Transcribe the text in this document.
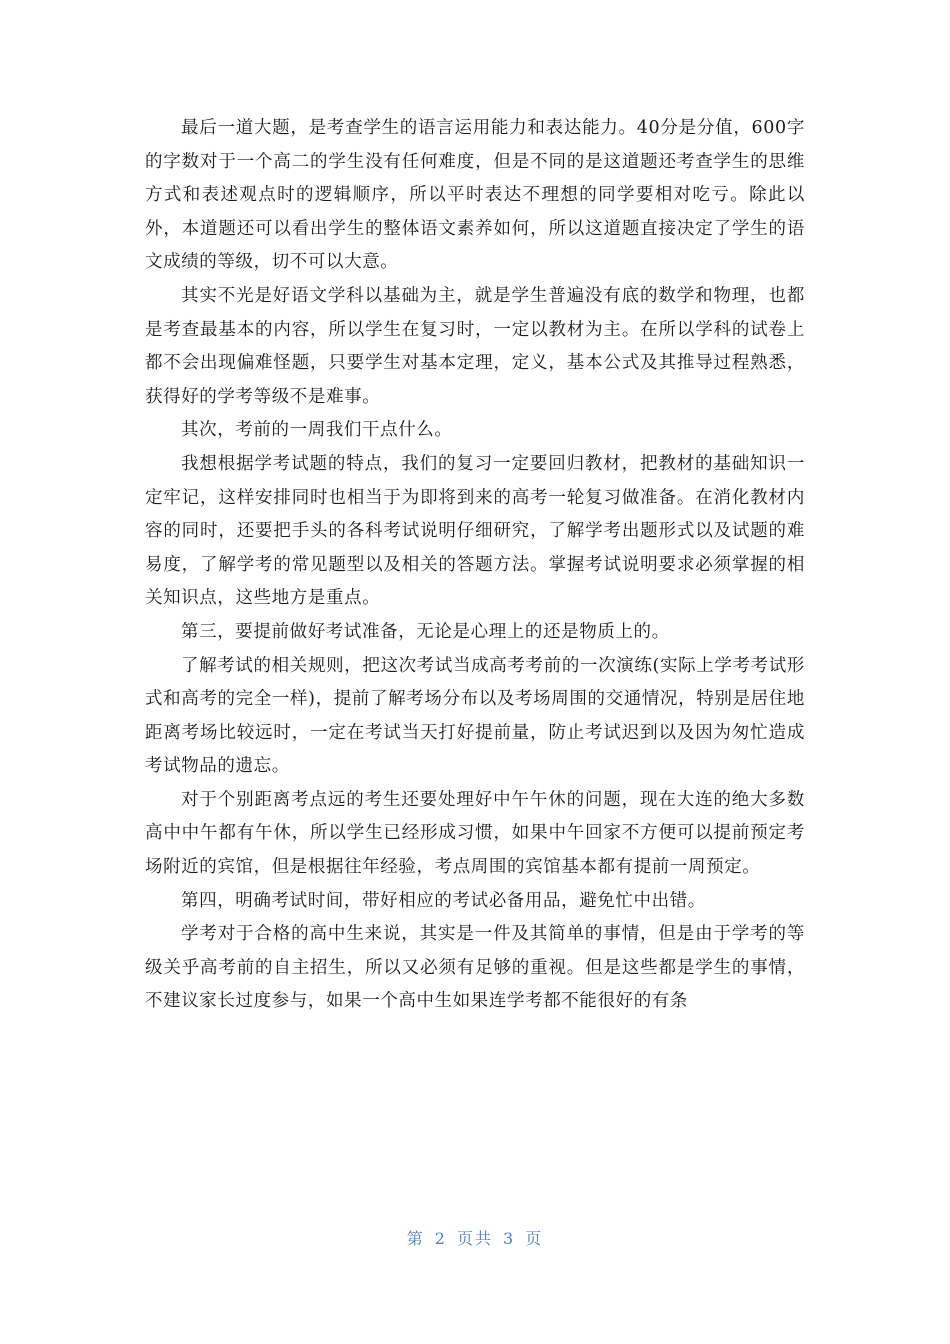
最后一道大题，是考查学生的语言运用能力和表达能力。40分是分值，600字的字数对于一个高二的学生没有任何难度，但是不同的是这道题还考查学生的思维方式和表述观点时的逻辑顺序，所以平时表达不理想的同学要相对吃亏。除此以外，本道题还可以看出学生的整体语文素养如何，所以这道题直接决定了学生的语文成绩的等级，切不可以大意。

其实不光是好语文学科以基础为主，就是学生普遍没有底的数学和物理，也都是考查最基本的内容，所以学生在复习时，一定以教材为主。在所以学科的试卷上都不会出现偏难怪题，只要学生对基本定理，定义，基本公式及其推导过程熟悉，获得好的学考等级不是难事。

其次，考前的一周我们干点什么。

我想根据学考试题的特点，我们的复习一定要回归教材，把教材的基础知识一定牢记，这样安排同时也相当于为即将到来的高考一轮复习做准备。在消化教材内容的同时，还要把手头的各科考试说明仔细研究，了解学考出题形式以及试题的难易度，了解学考的常见题型以及相关的答题方法。掌握考试说明要求必须掌握的相关知识点，这些地方是重点。

第三，要提前做好考试准备，无论是心理上的还是物质上的。

了解考试的相关规则，把这次考试当成高考考前的一次演练(实际上学考考试形式和高考的完全一样)，提前了解考场分布以及考场周围的交通情况，特别是居住地距离考场比较远时，一定在考试当天打好提前量，防止考试迟到以及因为匆忙造成考试物品的遗忘。

对于个别距离考点远的考生还要处理好中午午休的问题，现在大连的绝大多数高中中午都有午休，所以学生已经形成习惯，如果中午回家不方便可以提前预定考场附近的宾馆，但是根据往年经验，考点周围的宾馆基本都有提前一周预定。

第四，明确考试时间，带好相应的考试必备用品，避免忙中出错。

学考对于合格的高中生来说，其实是一件及其简单的事情，但是由于学考的等级关乎高考前的自主招生，所以又必须有足够的重视。但是这些都是学生的事情，不建议家长过度参与，如果一个高中生如果连学考都不能很好的有条

第 2 页共 3 页
